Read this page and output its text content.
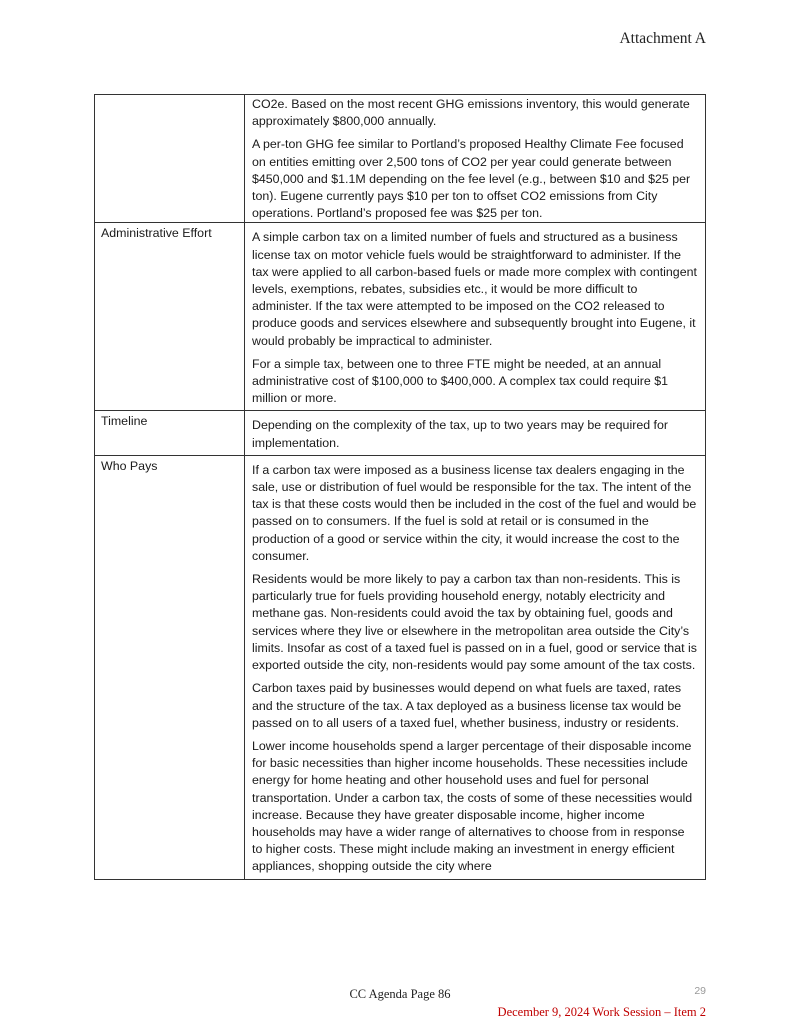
Attachment A

	CO2e. Based on the most recent GHG emissions inventory, this would generate approximately $800,000 annually.

A per-ton GHG fee similar to Portland’s proposed Healthy Climate Fee focused on entities emitting over 2,500 tons of CO2 per year could generate between $450,000 and $1.1M depending on the fee level (e.g., between $10 and $25 per ton). Eugene currently pays $10 per ton to offset CO2 emissions from City operations. Portland’s proposed fee was $25 per ton.

Administrative Effort	A simple carbon tax on a limited number of fuels and structured as a business license tax on motor vehicle fuels would be straightforward to administer. If the tax were applied to all carbon-based fuels or made more complex with contingent levels, exemptions, rebates, subsidies etc., it would be more difficult to administer. If the tax were attempted to be imposed on the CO2 released to produce goods and services elsewhere and subsequently brought into Eugene, it would probably be impractical to administer.

For a simple tax, between one to three FTE might be needed, at an annual administrative cost of $100,000 to $400,000. A complex tax could require $1 million or more.

Timeline	Depending on the complexity of the tax, up to two years may be required for implementation.

Who Pays	If a carbon tax were imposed as a business license tax dealers engaging in the sale, use or distribution of fuel would be responsible for the tax. The intent of the tax is that these costs would then be included in the cost of the fuel and would be passed on to consumers. If the fuel is sold at retail or is consumed in the production of a good or service within the city, it would increase the cost to the consumer.

Residents would be more likely to pay a carbon tax than non-residents. This is particularly true for fuels providing household energy, notably electricity and methane gas. Non-residents could avoid the tax by obtaining fuel, goods and services where they live or elsewhere in the metropolitan area outside the City’s limits. Insofar as cost of a taxed fuel is passed on in a fuel, good or service that is exported outside the city, non-residents would pay some amount of the tax costs.

Carbon taxes paid by businesses would depend on what fuels are taxed, rates and the structure of the tax. A tax deployed as a business license tax would be passed on to all users of a taxed fuel, whether business, industry or residents.

Lower income households spend a larger percentage of their disposable income for basic necessities than higher income households. These necessities include energy for home heating and other household uses and fuel for personal transportation. Under a carbon tax, the costs of some of these necessities would increase. Because they have greater disposable income, higher income households may have a wider range of alternatives to choose from in response to higher costs. These might include making an investment in energy efficient appliances, shopping outside the city where

CC Agenda Page 86	29
December 9, 2024 Work Session – Item 2
